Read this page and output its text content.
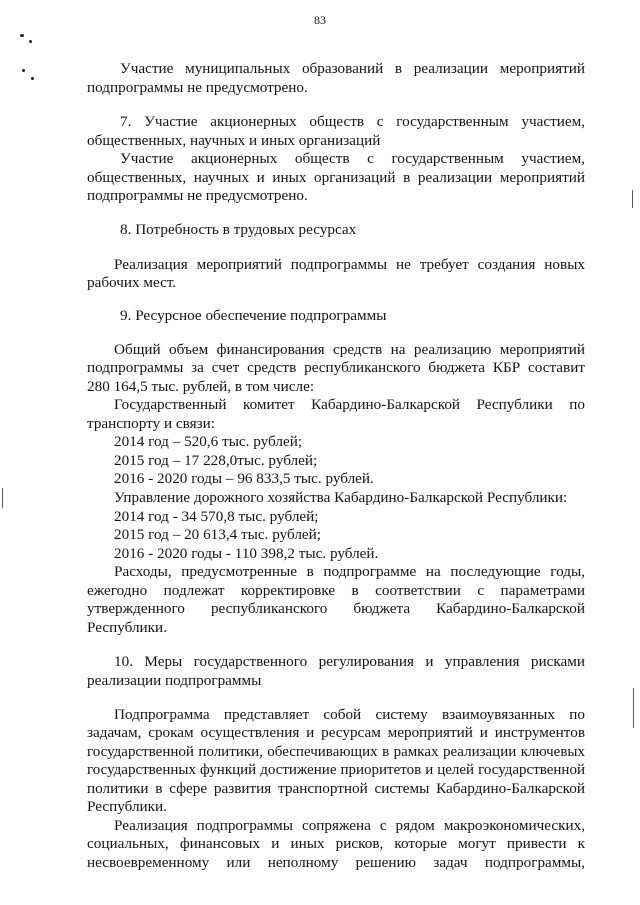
83
Участие муниципальных образований в реализации мероприятий
подпрограммы не предусмотрено.
7. Участие акционерных обществ с государственным участием,
общественных, научных и иных организаций
Участие акционерных обществ с государственным участием,
общественных, научных и иных организаций в реализации мероприятий
подпрограммы не предусмотрено.
8. Потребность в трудовых ресурсах
Реализация мероприятий подпрограммы не требует создания новых
рабочих мест.
9. Ресурсное обеспечение подпрограммы
Общий объем финансирования средств на реализацию мероприятий
подпрограммы за счет средств республиканского бюджета КБР составит
280 164,5 тыс. рублей, в том числе:
Государственный комитет Кабардино-Балкарской Республики по
транспорту и связи:
2014 год – 520,6 тыс. рублей;
2015 год – 17 228,0тыс. рублей;
2016 - 2020 годы – 96 833,5 тыс. рублей.
Управление дорожного хозяйства Кабардино-Балкарской Республики:
2014 год - 34 570,8 тыс. рублей;
2015 год – 20 613,4 тыс. рублей;
2016 - 2020 годы - 110 398,2 тыс. рублей.
Расходы, предусмотренные в подпрограмме на последующие годы,
ежегодно подлежат корректировке в соответствии с параметрами
утвержденного республиканского бюджета Кабардино-Балкарской
Республики.
10. Меры государственного регулирования и управления рисками
реализации подпрограммы
Подпрограмма представляет собой систему взаимоувязанных по
задачам, срокам осуществления и ресурсам мероприятий и инструментов
государственной политики, обеспечивающих в рамках реализации ключевых
государственных функций достижение приоритетов и целей государственной
политики в сфере развития транспортной системы Кабардино-Балкарской
Республики.
Реализация подпрограммы сопряжена с рядом макроэкономических,
социальных, финансовых и иных рисков, которые могут привести к
несвоевременному или неполному решению задач подпрограммы,
